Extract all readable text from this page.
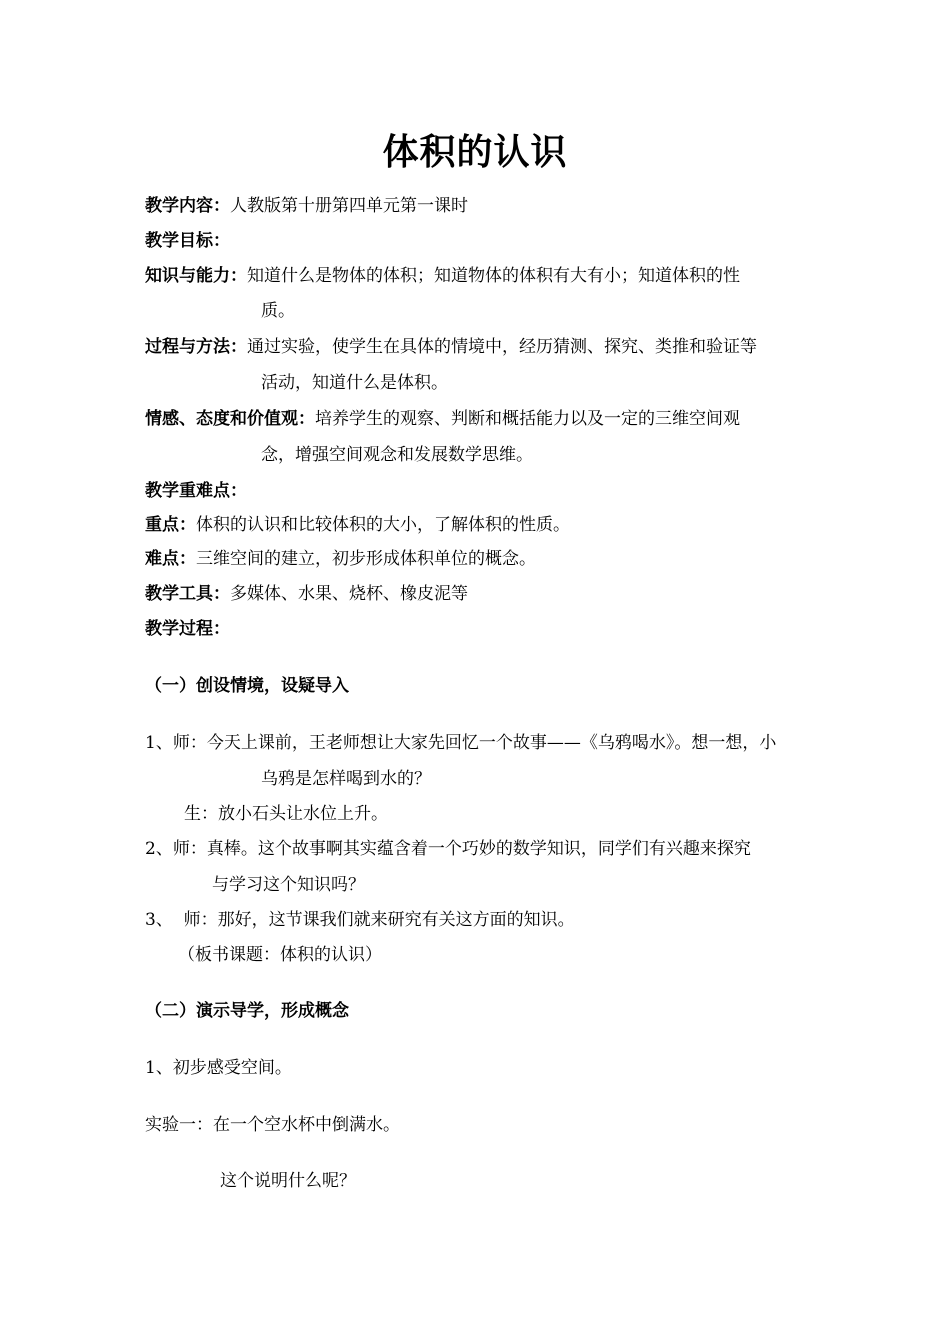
体积的认识
教学内容：人教版第十册第四单元第一课时
教学目标：
知识与能力：知道什么是物体的体积；知道物体的体积有大有小；知道体积的性
质。
过程与方法：通过实验，使学生在具体的情境中，经历猜测、探究、类推和验证等
活动，知道什么是体积。
情感、态度和价值观：培养学生的观察、判断和概括能力以及一定的三维空间观
念，增强空间观念和发展数学思维。
教学重难点：
重点：体积的认识和比较体积的大小，了解体积的性质。
难点：三维空间的建立，初步形成体积单位的概念。
教学工具：多媒体、水果、烧杯、橡皮泥等
教学过程：
（一）创设情境，设疑导入
1、师：今天上课前，王老师想让大家先回忆一个故事——《乌鸦喝水》。想一想，小
乌鸦是怎样喝到水的？
生：放小石头让水位上升。
2、师：真棒。这个故事啊其实蕴含着一个巧妙的数学知识，同学们有兴趣来探究
与学习这个知识吗？
3、  师：那好，这节课我们就来研究有关这方面的知识。
（板书课题：体积的认识）
（二）演示导学，形成概念
1、初步感受空间。
实验一：在一个空水杯中倒满水。
这个说明什么呢？
